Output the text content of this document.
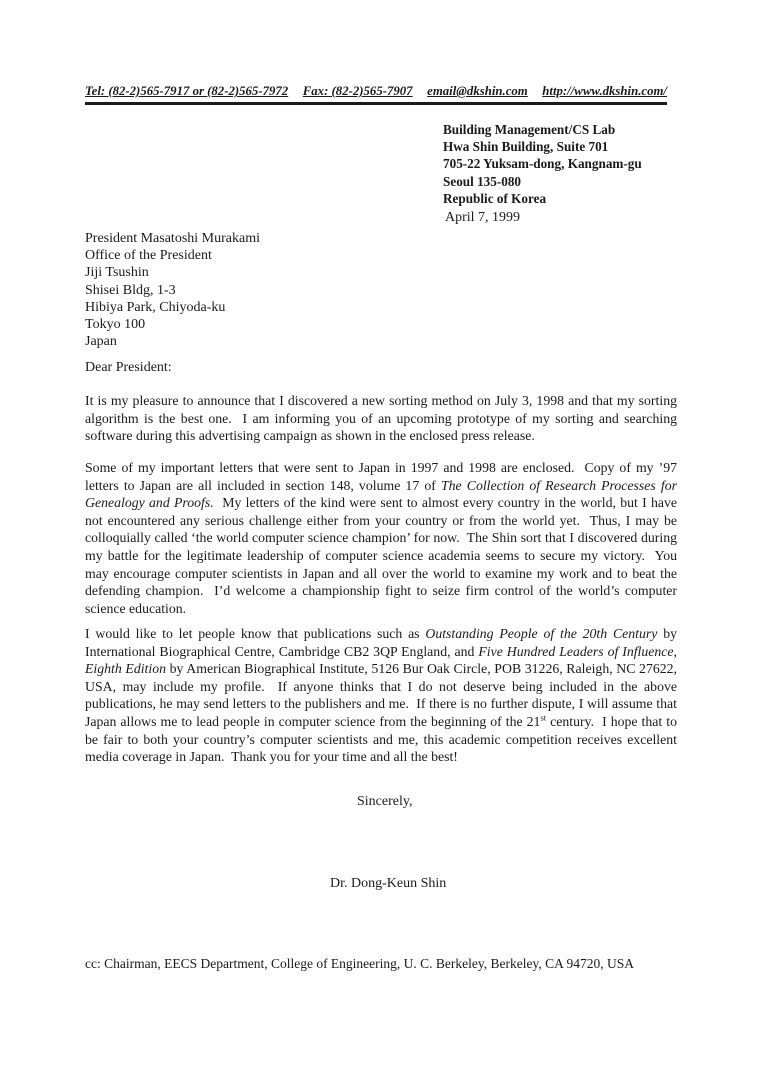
Tel: (82-2)565-7917 or (82-2)565-7972 Fax: (82-2)565-7907 email@dkshin.com http://www.dkshin.com/
Building Management/CS Lab
Hwa Shin Building, Suite 701
705-22 Yuksam-dong, Kangnam-gu
Seoul 135-080
Republic of Korea
April 7, 1999
President Masatoshi Murakami
Office of the President
Jiji Tsushin
Shisei Bldg, 1-3
Hibiya Park, Chiyoda-ku
Tokyo 100
Japan
Dear President:
It is my pleasure to announce that I discovered a new sorting method on July 3, 1998 and that my sorting algorithm is the best one.  I am informing you of an upcoming prototype of my sorting and searching software during this advertising campaign as shown in the enclosed press release.
Some of my important letters that were sent to Japan in 1997 and 1998 are enclosed.  Copy of my ’97 letters to Japan are all included in section 148, volume 17 of The Collection of Research Processes for Genealogy and Proofs.  My letters of the kind were sent to almost every country in the world, but I have not encountered any serious challenge either from your country or from the world yet.  Thus, I may be colloquially called ‘the world computer science champion’ for now.  The Shin sort that I discovered during my battle for the legitimate leadership of computer science academia seems to secure my victory.  You may encourage computer scientists in Japan and all over the world to examine my work and to beat the defending champion.  I’d welcome a championship fight to seize firm control of the world’s computer science education.
I would like to let people know that publications such as Outstanding People of the 20th Century by International Biographical Centre, Cambridge CB2 3QP England, and Five Hundred Leaders of Influence, Eighth Edition by American Biographical Institute, 5126 Bur Oak Circle, POB 31226, Raleigh, NC 27622, USA, may include my profile.  If anyone thinks that I do not deserve being included in the above publications, he may send letters to the publishers and me.  If there is no further dispute, I will assume that Japan allows me to lead people in computer science from the beginning of the 21st century.  I hope that to be fair to both your country’s computer scientists and me, this academic competition receives excellent media coverage in Japan.  Thank you for your time and all the best!
Sincerely,
Dr. Dong-Keun Shin
cc: Chairman, EECS Department, College of Engineering, U. C. Berkeley, Berkeley, CA 94720, USA
